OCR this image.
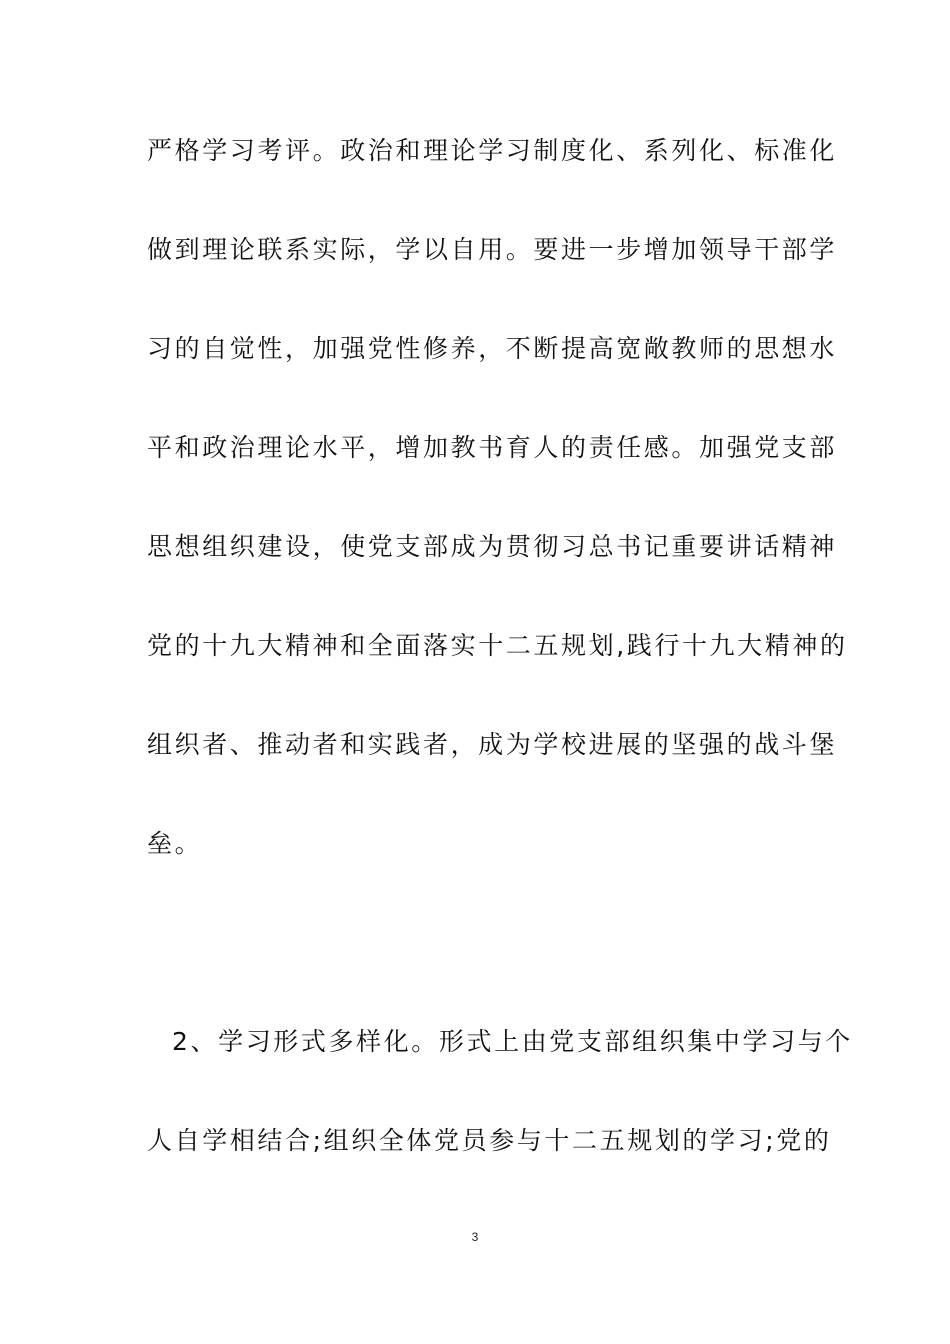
严格学习考评。政治和理论学习制度化、系列化、标准化

做到理论联系实际，学以自用。要进一步增加领导干部学

习的自觉性，加强党性修养，不断提高宽敞教师的思想水

平和政治理论水平，增加教书育人的责任感。加强党支部

思想组织建设，使党支部成为贯彻习总书记重要讲话精神

党的十九大精神和全面落实十二五规划,践行十九大精神的

组织者、推动者和实践者，成为学校进展的坚强的战斗堡

垒。

2、学习形式多样化。形式上由党支部组织集中学习与个

人自学相结合;组织全体党员参与十二五规划的学习;党的

3
